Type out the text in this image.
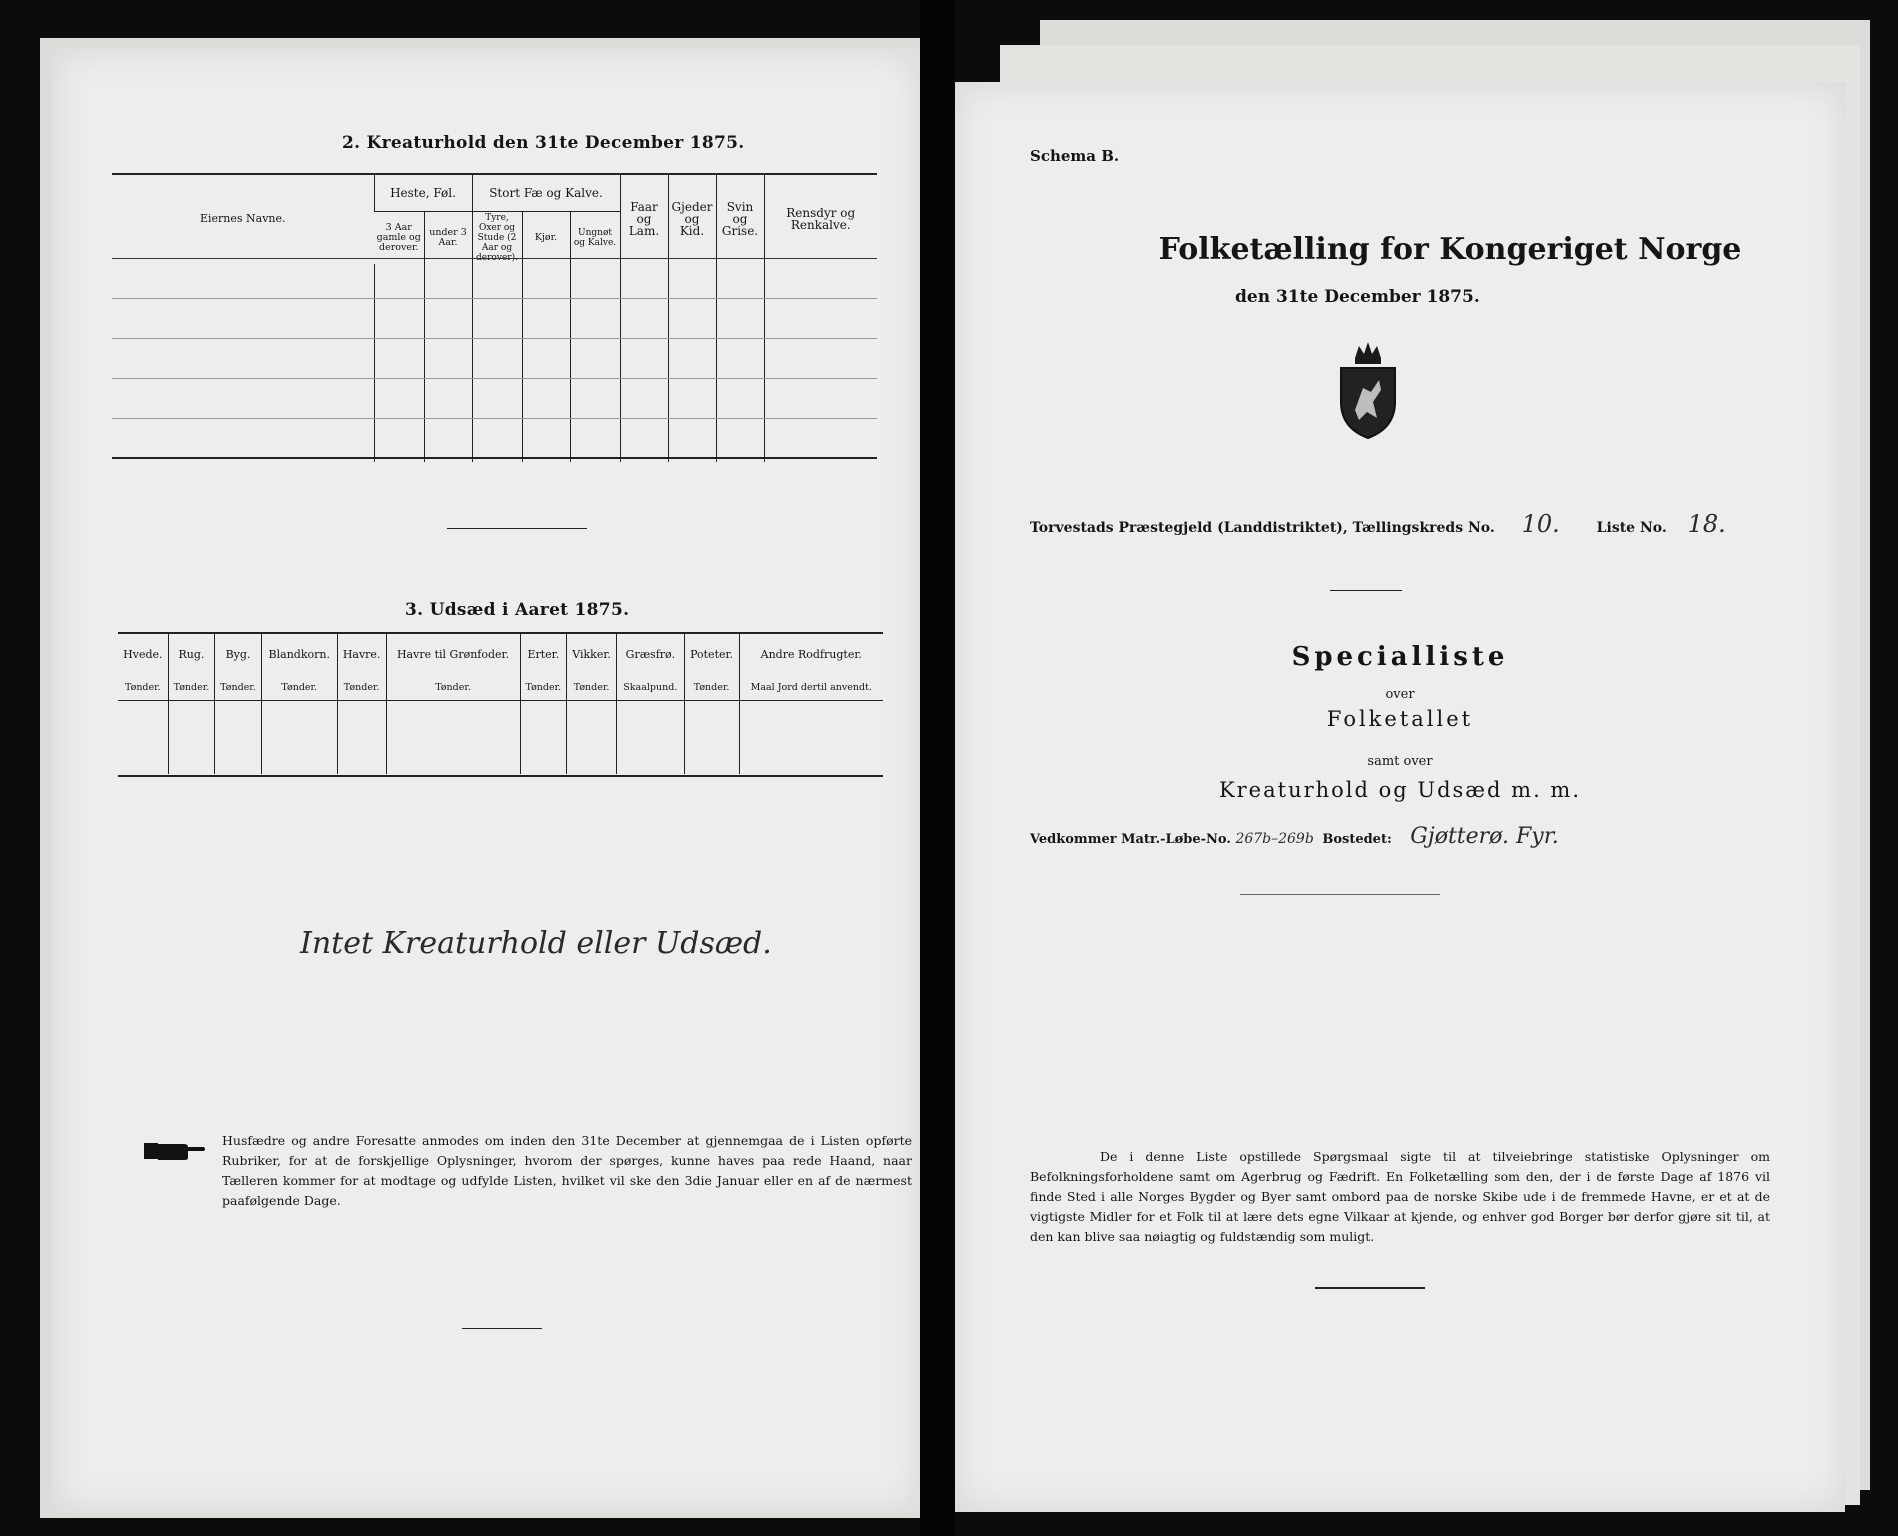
2. Kreaturhold den 31te December 1875.
Eiernes Navne.	Heste, Føl.		Stort Fæ og Kalve.			Faar og Lam.	Gjeder og Kid.	Svin og Grise.	Rensdyr og Renkalve.
	3 Aar gamle og derover.	under 3 Aar.	Tyre, Oxer og Stude (2 Aar og	Kjør.	Ungnøt og Kalve.				

3. Udsæd i Aaret 1875.
Hvede.	Rug.	Byg.	Blandkorn.	Havre.	Havre til Grønfoder.	Erter.	Vikker.	Græsfrø.	Poteter.	Andre Rodfrugter.
Tønder.	Tønder.	Tønder.	Tønder.	Tønder.	Tønder.	Tønder.	Tønder.	Skaalpund.	Tønder.	Maal Jord dertil anvendt.

Intet Kreaturhold eller Udsæd.
Husfædre og andre Foresatte anmodes om inden den 31te December at gjennemgaa de i Listen opførte Rubriker, for at de forskjellige Oplysninger, hvorom der spørges, kunne haves paa rede Haand, naar Tælleren kommer for at modtage og udfylde Listen, hvilket vil ske den 3die Januar eller en af de nærmest paafølgende Dage.
Schema B.
Folketælling for Kongeriget Norge
den 31te December 1875.
Torvestads Præstegjeld (Landdistriktet), Tællingskreds No. 10.	Liste No. 18.
Specialliste
over
Folketallet
samt over
Kreaturhold og Udsæd m. m.
Vedkommer Matr.-Løbe-No. 267b–269b Bostedet: Gjøtterø. Fyr.
De i denne Liste opstillede Spørgsmaal sigte til at tilveiebringe statistiske Oplysninger om Befolkningsforholdene samt om Agerbrug og Fædrift. En Folketælling som den, der i de første Dage af 1876 vil finde Sted i alle Norges Bygder og Byer samt ombord paa de norske Skibe ude i de fremmede Havne, er et at de vigtigste Midler for et Folk til at lære dets egne Vilkaar at kjende, og enhver god Borger bør derfor gjøre sit til, at den kan blive saa nøiagtig og fuldstændig som muligt.
